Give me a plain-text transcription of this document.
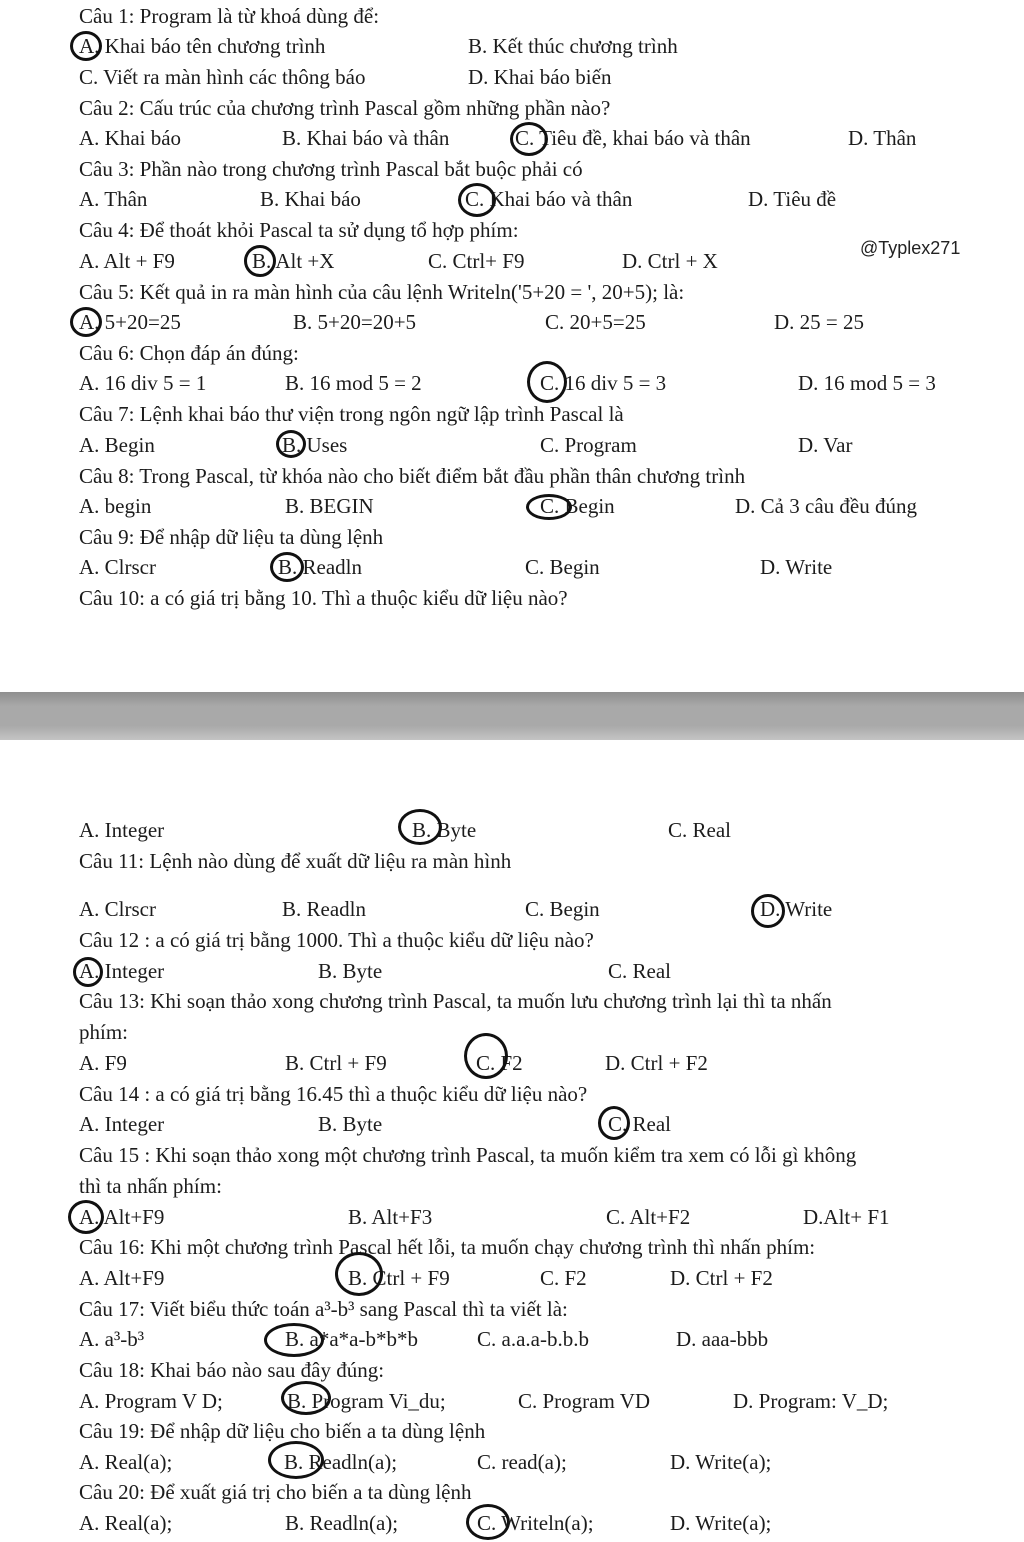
@Typlex271
Câu 1: Program là từ khoá dùng để:
A. Khai báo tên chương trình	B. Kết thúc chương trình
C. Viết ra màn hình các thông báo	D. Khai báo biến
Câu 2: Cấu trúc của chương trình Pascal gồm những phần nào?
A. Khai báo	B. Khai báo và thân	C. Tiêu đề, khai báo và thân	D. Thân
Câu 3: Phần nào trong chương trình Pascal bắt buộc phải có
A. Thân	B. Khai báo	C. Khai báo và thân	D. Tiêu đề
Câu 4: Để thoát khỏi Pascal ta sử dụng tổ hợp phím:
A. Alt + F9	B. Alt +X	C. Ctrl+ F9	D. Ctrl + X
Câu 5: Kết quả in ra màn hình của câu lệnh Writeln('5+20 = ', 20+5); là:
A. 5+20=25	B. 5+20=20+5	C. 20+5=25	D. 25 = 25
Câu 6: Chọn đáp án đúng:
A. 16 div 5 = 1	B. 16 mod 5 = 2	C. 16 div 5 = 3	D. 16 mod 5 = 3
Câu 7: Lệnh khai báo thư viện trong ngôn ngữ lập trình Pascal là
A. Begin	B. Uses	C. Program	D. Var
Câu 8: Trong Pascal, từ khóa nào cho biết điểm bắt đầu phần thân chương trình
A. begin	B. BEGIN	C. Begin	D. Cả 3 câu đều đúng
Câu 9: Để nhập dữ liệu ta dùng lệnh
A. Clrscr	B. Readln	C. Begin	D. Write
Câu 10: a có giá trị bằng 10. Thì a thuộc kiểu dữ liệu nào?
A. Integer	B. Byte	C. Real
Câu 11: Lệnh nào dùng để xuất dữ liệu ra màn hình
A. Clrscr	B. Readln	C. Begin	D. Write
Câu 12 : a có giá trị bằng 1000. Thì a thuộc kiểu dữ liệu nào?
A. Integer	B. Byte	C. Real
Câu 13: Khi soạn thảo xong chương trình Pascal, ta muốn lưu chương trình lại thì ta nhấn
phím:
A. F9	B. Ctrl + F9	C. F2	D. Ctrl + F2
Câu 14 : a có giá trị bằng 16.45 thì a thuộc kiểu dữ liệu nào?
A. Integer	B. Byte	C. Real
Câu 15 : Khi soạn thảo xong một chương trình Pascal, ta muốn kiểm tra xem có lỗi gì không
thì ta nhấn phím:
A. Alt+F9	B. Alt+F3	C. Alt+F2	D.Alt+ F1
Câu 16: Khi một chương trình Pascal hết lỗi, ta muốn chạy chương trình thì nhấn phím:
A. Alt+F9	B. Ctrl + F9	C. F2	D. Ctrl + F2
Câu 17: Viết biểu thức toán a³-b³ sang Pascal thì ta viết là:
A. a³-b³	B. a*a*a-b*b*b	C. a.a.a-b.b.b	D. aaa-bbb
Câu 18: Khai báo nào sau đây đúng:
A. Program V D;	B. Program Vi_du;	C. Program VD	D. Program: V_D;
Câu 19: Để nhập dữ liệu cho biến a ta dùng lệnh
A. Real(a);	B. Readln(a);	C. read(a);	D. Write(a);
Câu 20: Để xuất giá trị cho biến a ta dùng lệnh
A. Real(a);	B. Readln(a);	C. Writeln(a);	D. Write(a);
